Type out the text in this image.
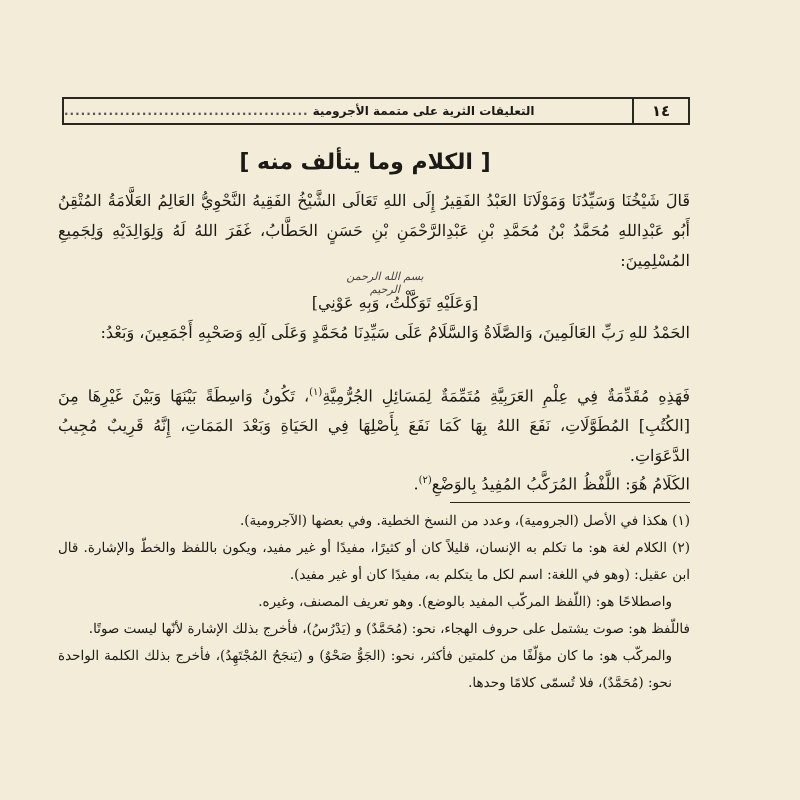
١٤
التعليقات الثرية على متممة الأجرومية
............................................
[ الكلام وما يتألف منه ]
قَالَ شَيْخُنَا وَسَيِّدُنَا وَمَوْلَانَا العَبْدُ الفَقِيرُ إِلَى اللهِ تَعَالَى الشَّيْخُ الفَقِيهُ النَّحْوِيُّ العَالِمُ العَلَّامَةُ المُتْقِنُ أَبُو عَبْدِاللهِ مُحَمَّدُ بْنُ مُحَمَّدِ بْنِ عَبْدِالرَّحْمَنِ بْنِ حَسَنٍ الحَطَّابُ، غَفَرَ اللهُ لَهُ وَلِوَالِدَيْهِ وَلِجَمِيعِ المُسْلِمِينَ:
بسم الله الرحمن الرحيم
[وَعَلَيْهِ تَوَكَّلْتُ، وَبِهِ عَوْنِي]
الحَمْدُ للهِ رَبِّ العَالَمِينَ، وَالصَّلَاةُ وَالسَّلَامُ عَلَى سَيِّدِنَا مُحَمَّدٍ وَعَلَى آلِهِ وَصَحْبِهِ أَجْمَعِينَ، وَبَعْدُ:
فَهَذِهِ مُقَدِّمَةٌ فِي عِلْمِ العَرَبِيَّةِ مُتَمِّمَةٌ لِمَسَائِلِ الجُرُّمِيَّةِ$^{(١)}$، تَكُونُ وَاسِطَةً بَيْنَهَا وَبَيْنَ غَيْرِهَا مِنَ [الكُتُبِ] المُطَوَّلَاتِ، نَفَعَ اللهُ بِهَا كَمَا نَفَعَ بِأَصْلِهَا فِي الحَيَاةِ وَبَعْدَ المَمَاتِ، إِنَّهُ قَرِيبٌ مُجِيبُ الدَّعَوَاتِ.
الكَلَامُ هُوَ: اللَّفْظُ المُرَكَّبُ المُفِيدُ بِالوَضْعِ$^{(٢)}$.

(١) هكذا في الأصل (الجرومية)، وعدد من النسخ الخطية. وفي بعضها (الآجرومية).

(٢) الكلام لغة هو: ما تكلم به الإنسان، قليلاً كان أو كثيرًا، مفيدًا أو غير مفيد، ويكون باللفظ والخطّ والإشارة. قال ابن عقيل: (وهو في اللغة: اسم لكل ما يتكلم به، مفيدًا كان أو غير مفيد).

واصطلاحًا هو: (اللّفظ المركّب المفيد بالوضع). وهو تعريف المصنف، وغيره.

فاللّفظ هو: صوت يشتمل على حروف الهجاء، نحو: (مُحَمَّدٌ) و (يَدْرُسُ)، فأخرج بذلك الإشارة لأنّها ليست صوتًا.

والمركّب هو: ما كان مؤلّفًا من كلمتين فأكثر، نحو: (الجَوُّ صَحْوٌ) و (يَنجَحُ المُجْتَهِدُ)، فأخرج بذلك الكلمة الواحدة نحو: (مُحَمَّدٌ)، فلا تُسمّى كلامًا وحدها.
